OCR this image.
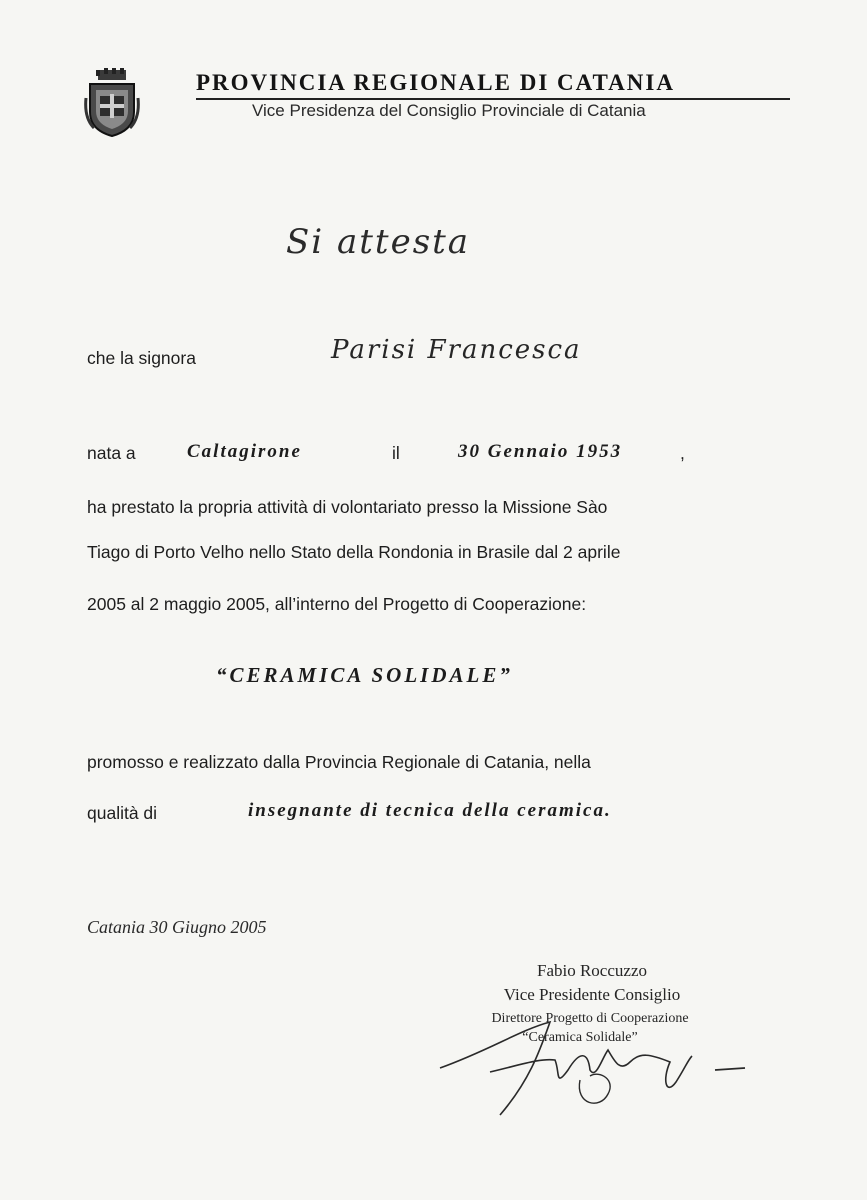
PROVINCIA REGIONALE DI CATANIA
Vice Presidenza del Consiglio Provinciale di Catania
Si attesta
che la signora	Parisi Francesca
nata a	Caltagirone	il	30 Gennaio 1953	,
ha prestato la propria attività di volontariato presso la Missione Sào
Tiago di Porto Velho nello Stato della Rondonia in Brasile dal 2 aprile
2005 al 2 maggio 2005, all’interno del Progetto di Cooperazione:
“CERAMICA SOLIDALE”
promosso e realizzato dalla Provincia Regionale di Catania, nella
qualità di	insegnante di tecnica della ceramica.
Catania 30 Giugno 2005
Fabio Roccuzzo
Vice Presidente Consiglio
Direttore Progetto di Cooperazione
“Ceramica Solidale”
